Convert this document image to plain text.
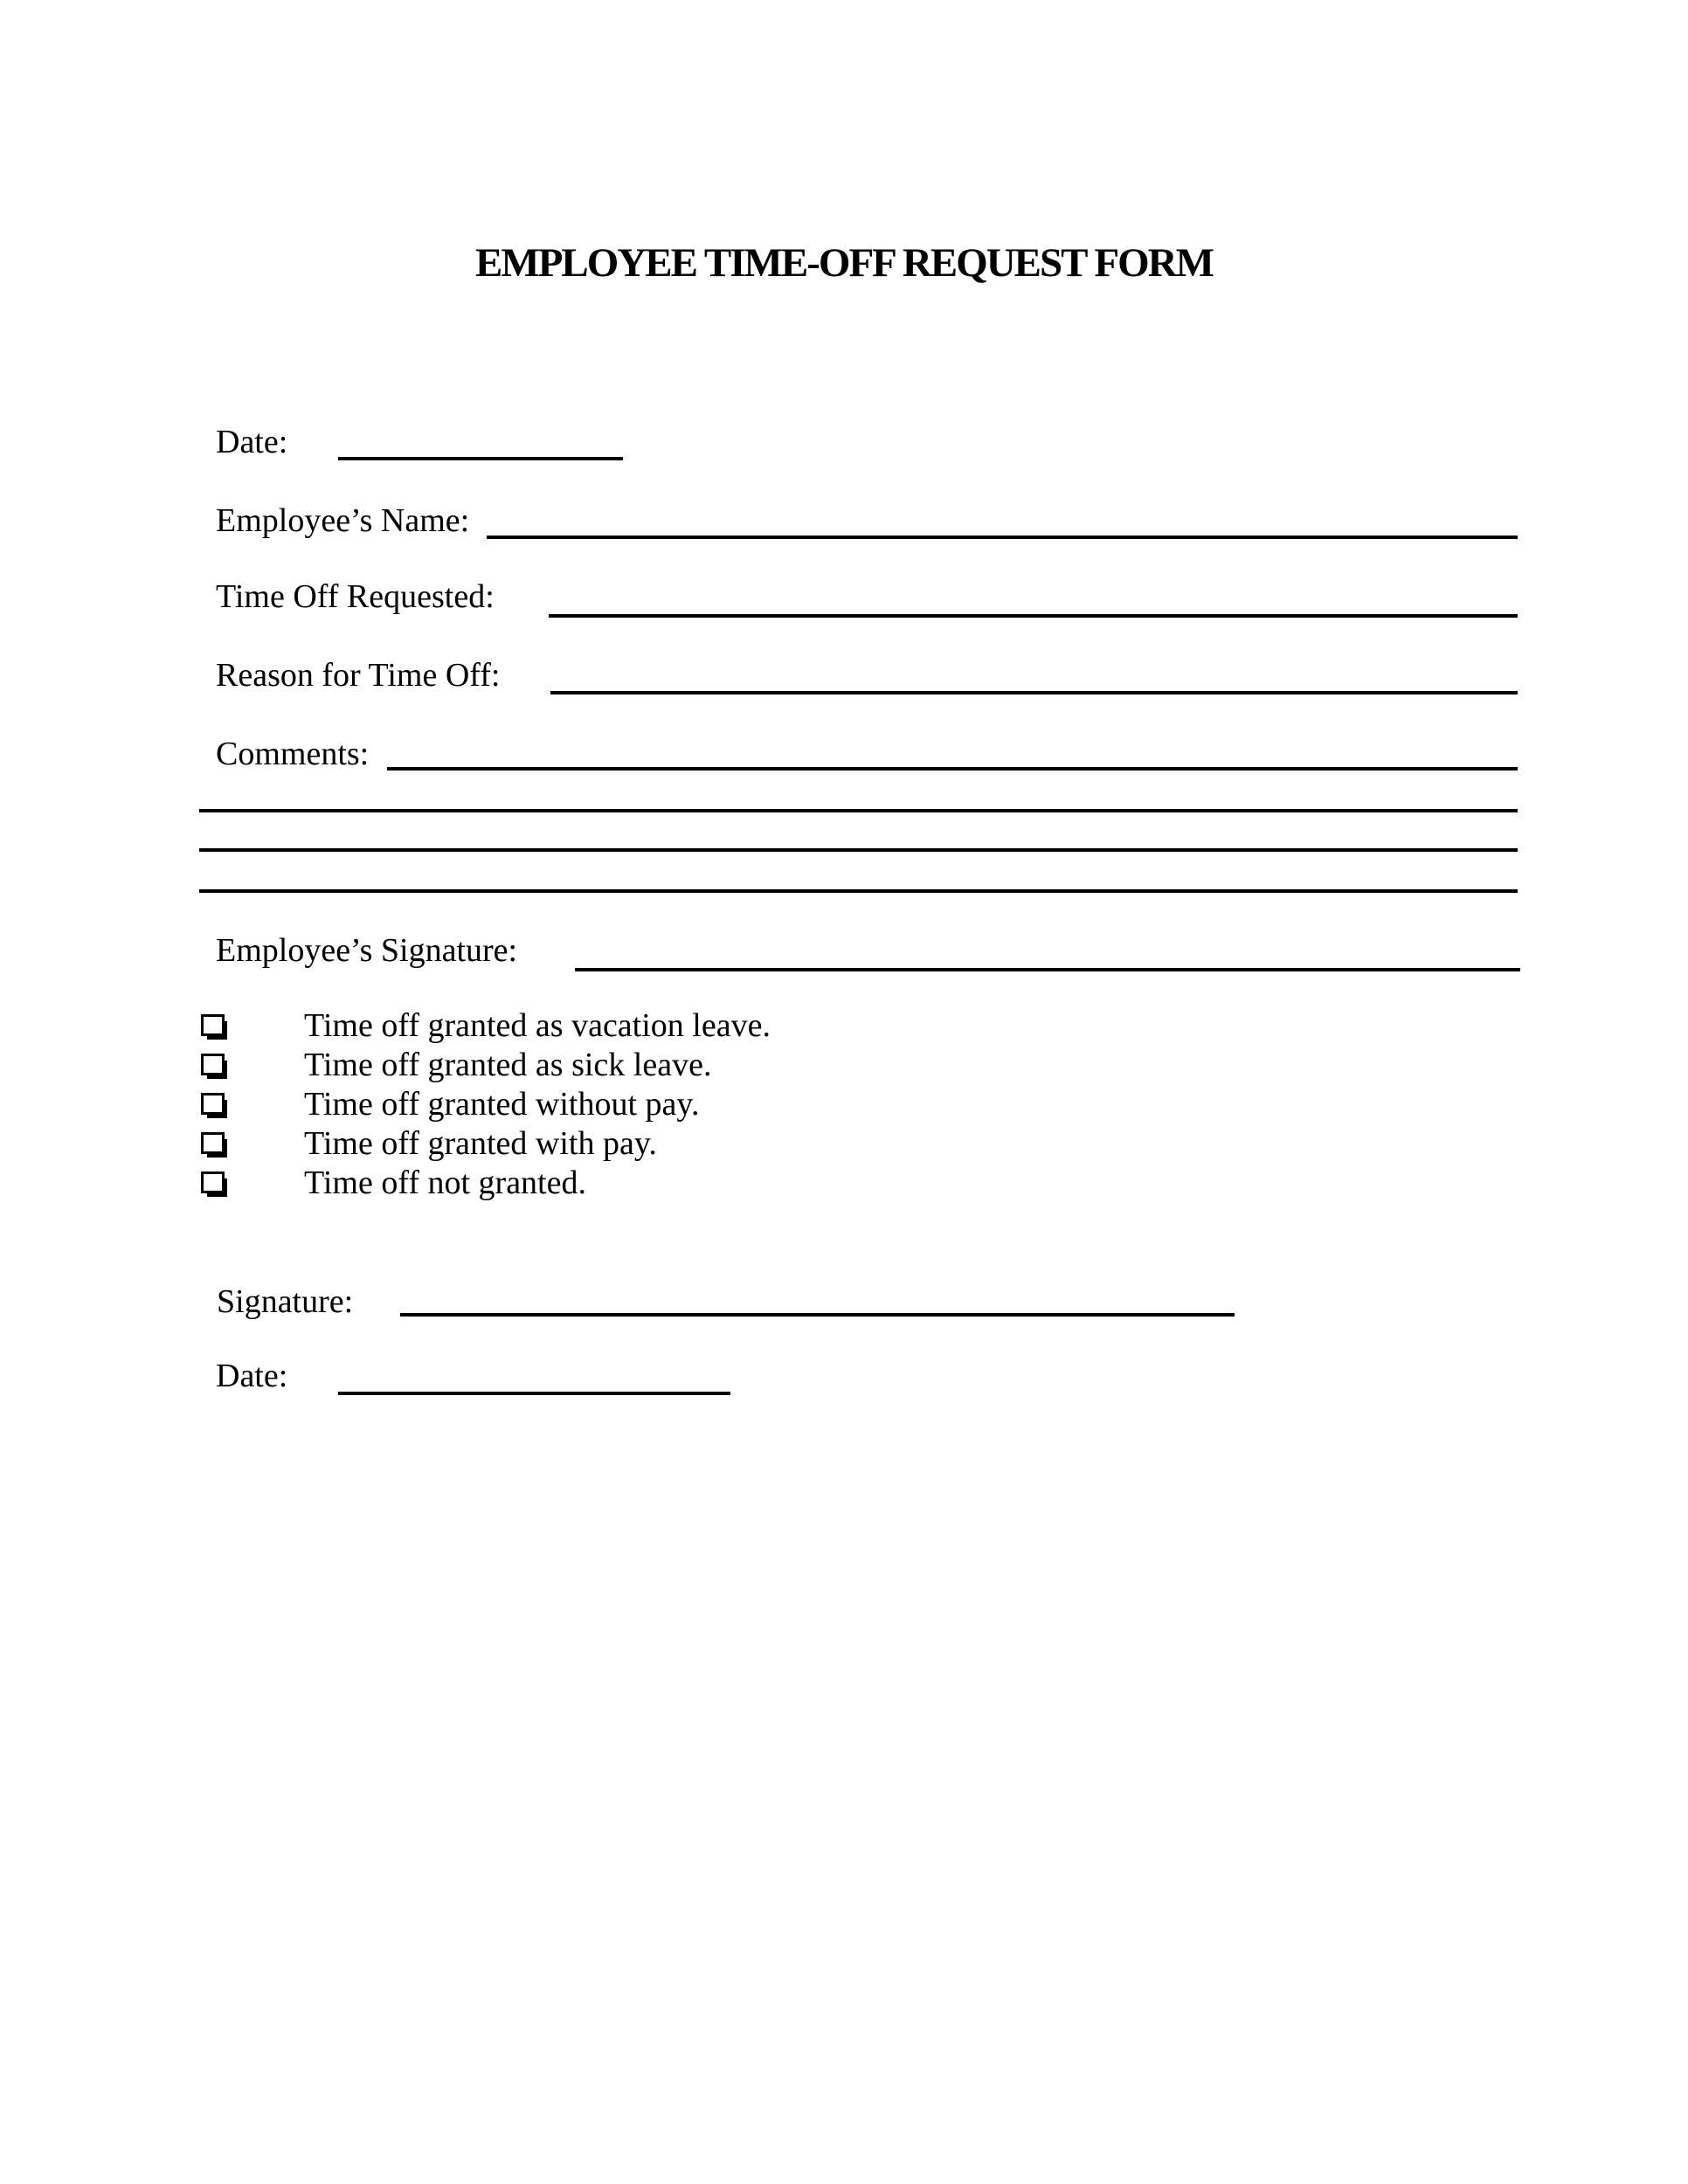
EMPLOYEE TIME-OFF REQUEST FORM
Date:
Employee’s Name:
Time Off Requested:
Reason for Time Off:
Comments:
Employee’s Signature:
Time off granted as vacation leave.
Time off granted as sick leave.
Time off granted without pay.
Time off granted with pay.
Time off not granted.
Signature:
Date:
